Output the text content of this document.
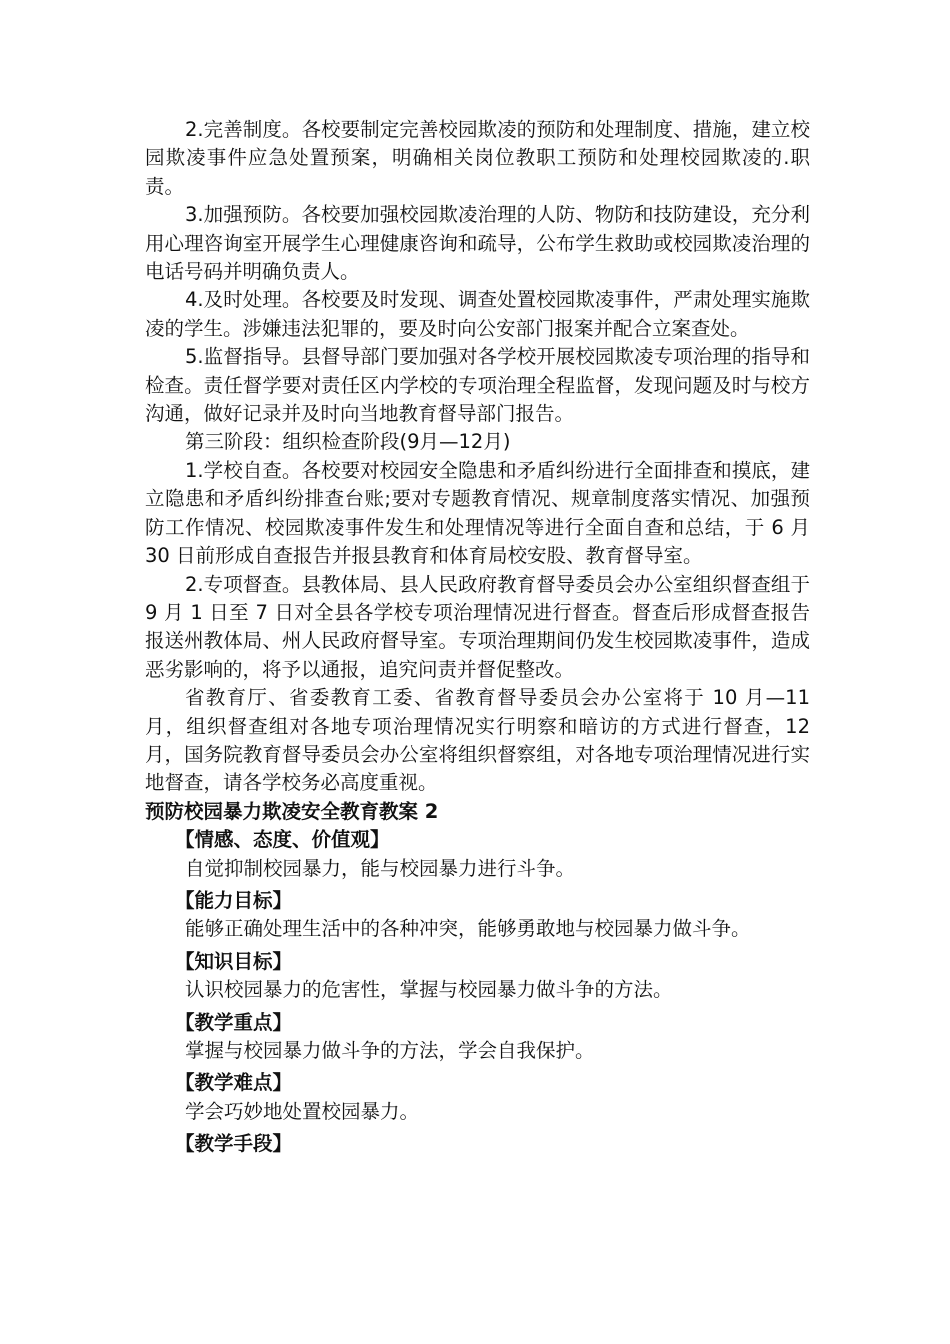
2.完善制度。各校要制定完善校园欺凌的预防和处理制度、措施，建立校园欺凌事件应急处置预案，明确相关岗位教职工预防和处理校园欺凌的.职责。

3.加强预防。各校要加强校园欺凌治理的人防、物防和技防建设，充分利用心理咨询室开展学生心理健康咨询和疏导，公布学生救助或校园欺凌治理的电话号码并明确负责人。

4.及时处理。各校要及时发现、调查处置校园欺凌事件，严肃处理实施欺凌的学生。涉嫌违法犯罪的，要及时向公安部门报案并配合立案查处。

5.监督指导。县督导部门要加强对各学校开展校园欺凌专项治理的指导和检查。责任督学要对责任区内学校的专项治理全程监督，发现问题及时与校方沟通，做好记录并及时向当地教育督导部门报告。

第三阶段：组织检查阶段(9月—12月)

1.学校自查。各校要对校园安全隐患和矛盾纠纷进行全面排查和摸底，建立隐患和矛盾纠纷排查台账;要对专题教育情况、规章制度落实情况、加强预防工作情况、校园欺凌事件发生和处理情况等进行全面自查和总结，于 6 月 30 日前形成自查报告并报县教育和体育局校安股、教育督导室。

2.专项督查。县教体局、县人民政府教育督导委员会办公室组织督查组于 9 月 1 日至 7 日对全县各学校专项治理情况进行督查。督查后形成督查报告报送州教体局、州人民政府督导室。专项治理期间仍发生校园欺凌事件，造成恶劣影响的，将予以通报，追究问责并督促整改。

省教育厅、省委教育工委、省教育督导委员会办公室将于 10 月—11 月，组织督查组对各地专项治理情况实行明察和暗访的方式进行督查，12 月，国务院教育督导委员会办公室将组织督察组，对各地专项治理情况进行实地督查，请各学校务必高度重视。

预防校园暴力欺凌安全教育教案 2

【情感、态度、价值观】

自觉抑制校园暴力，能与校园暴力进行斗争。

【能力目标】

能够正确处理生活中的各种冲突，能够勇敢地与校园暴力做斗争。

【知识目标】

认识校园暴力的危害性，掌握与校园暴力做斗争的方法。

【教学重点】

掌握与校园暴力做斗争的方法，学会自我保护。

【教学难点】

学会巧妙地处置校园暴力。

【教学手段】
